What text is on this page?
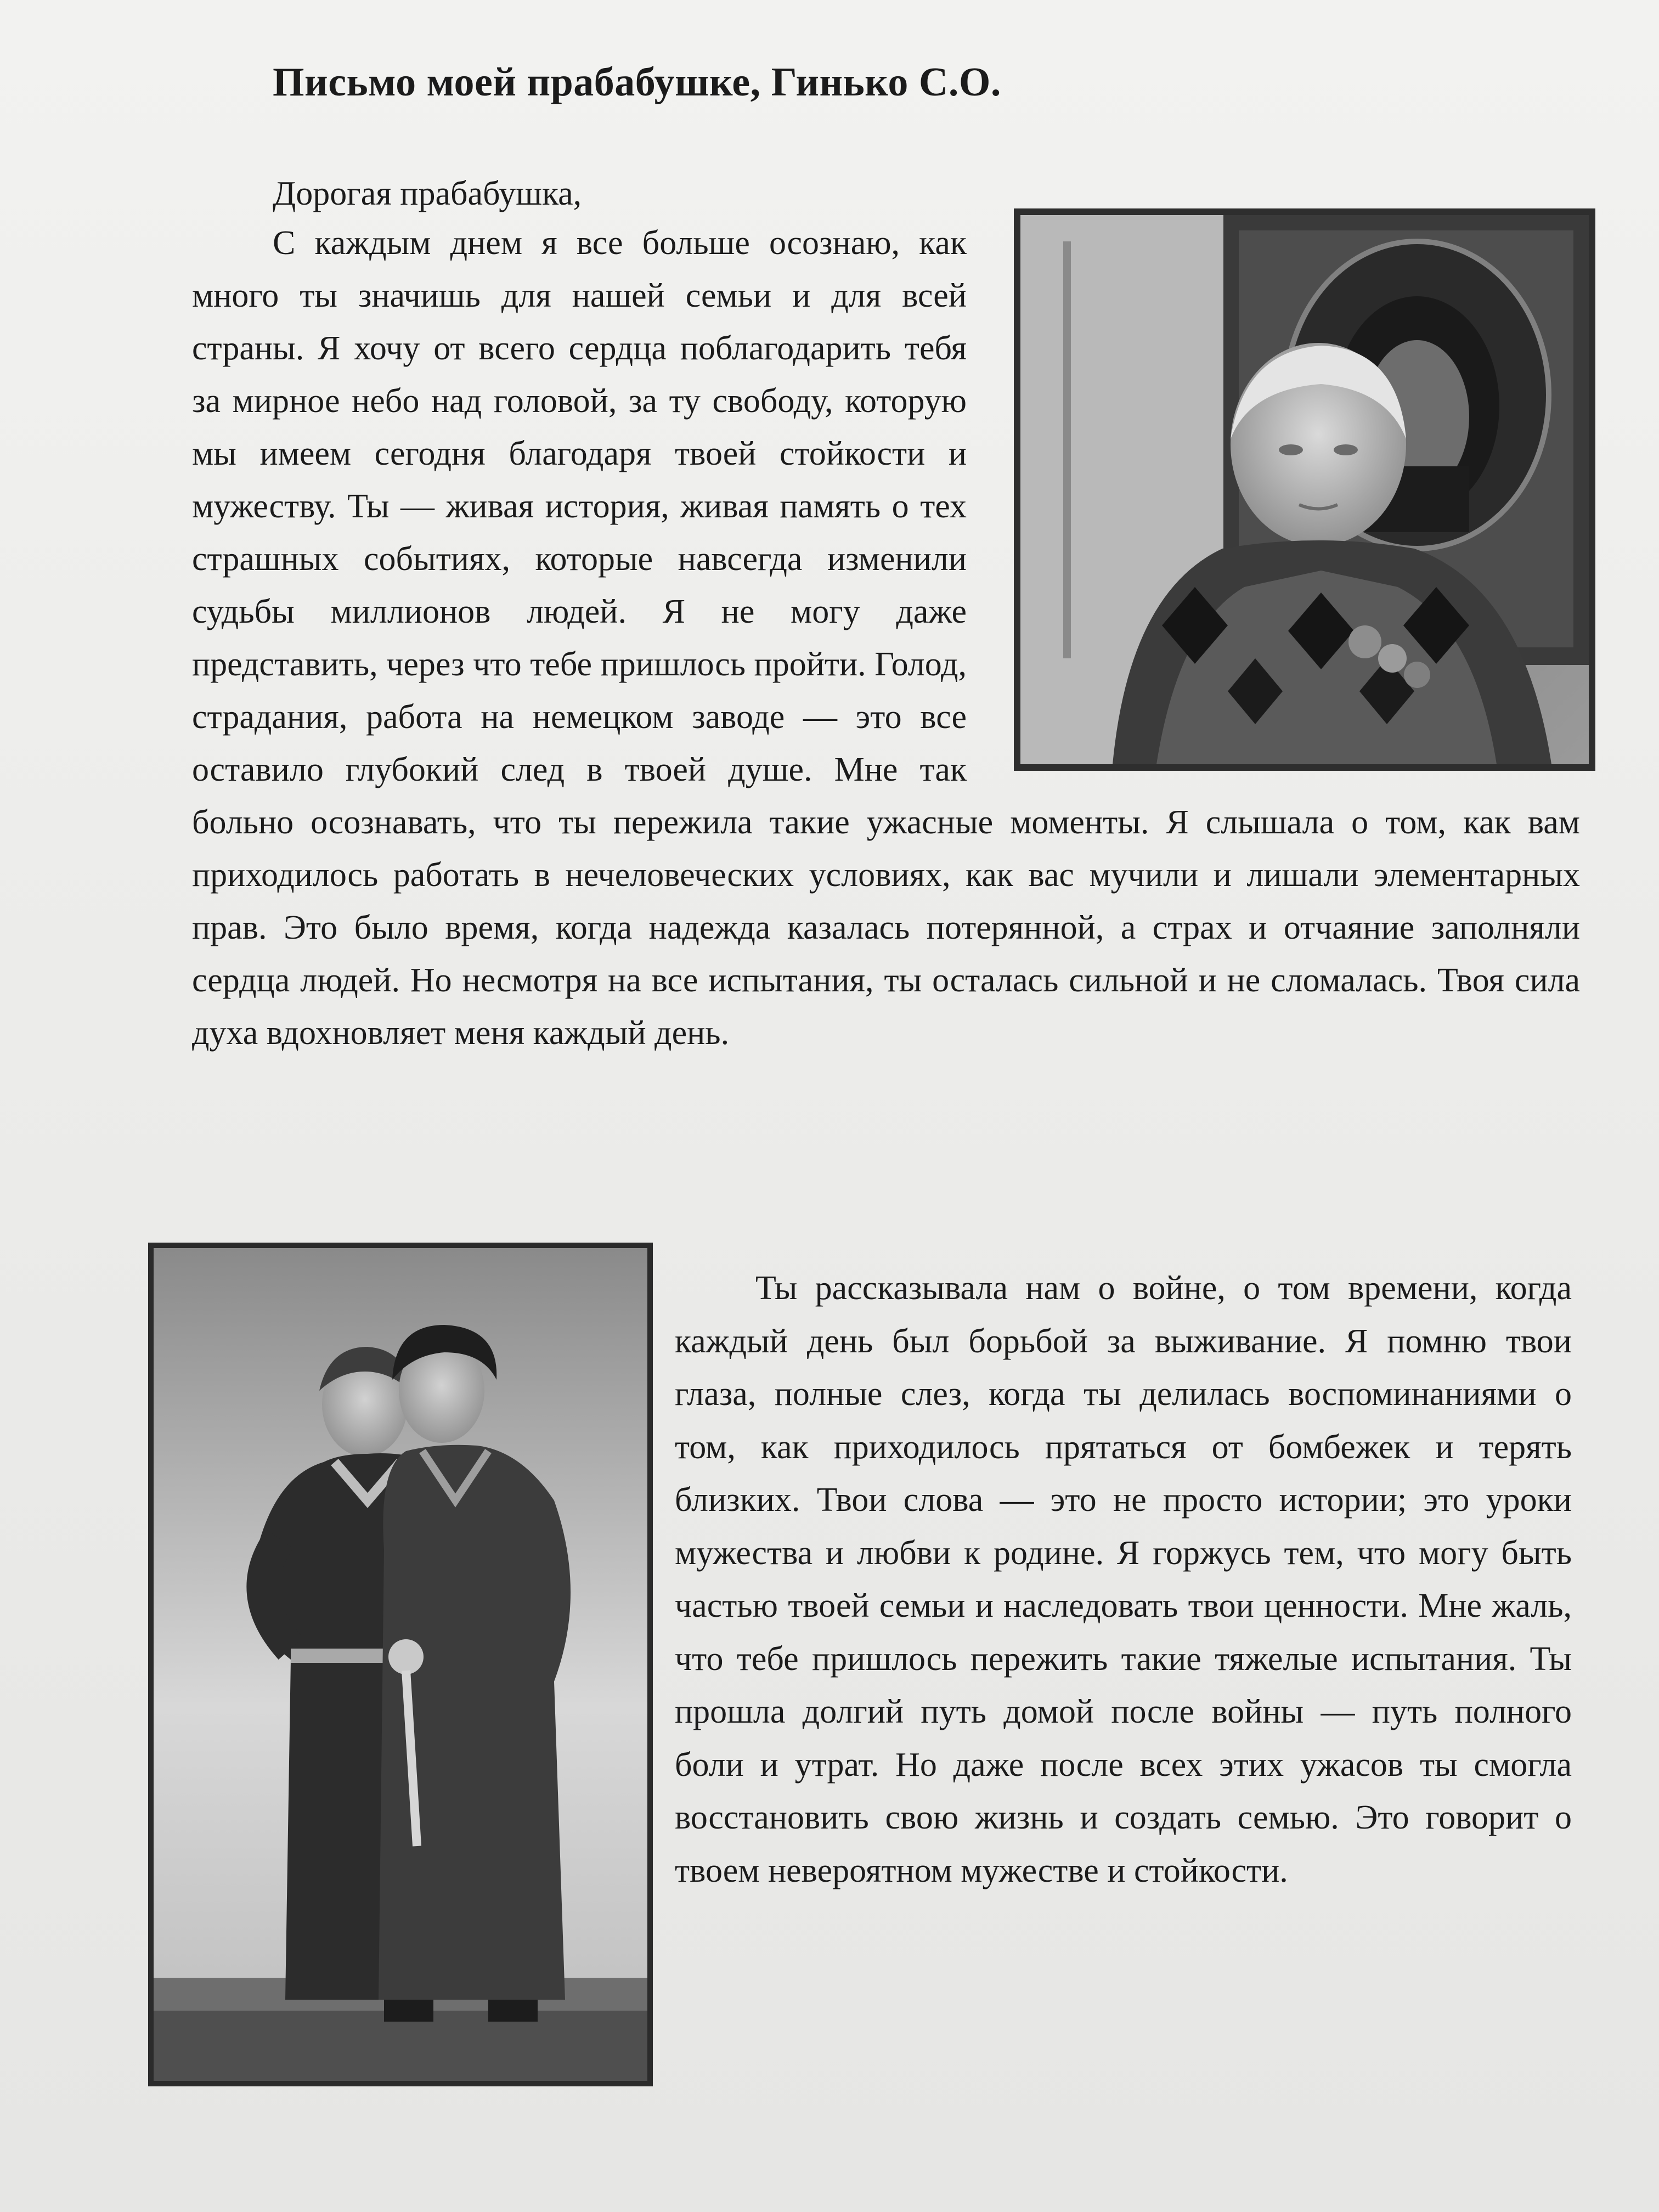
Письмо моей прабабушке, Гинько С.О.
Дорогая прабабушка,

С каждым днем я все больше осознаю, как много ты значишь для нашей семьи и для всей страны. Я хочу от всего сердца поблагодарить тебя за мирное небо над головой, за ту свободу, которую мы имеем сегодня благодаря твоей стойкости и мужеству. Ты — живая история, живая память о тех страшных событиях, которые навсегда изменили судьбы миллионов людей. Я не могу даже представить, через что тебе пришлось пройти. Голод, страдания, работа на немецком заводе — это все оставило глубокий след в твоей душе. Мне так больно осознавать, что ты пережила такие ужасные моменты. Я слышала о том, как вам приходилось работать в нечеловеческих условиях, как вас мучили и лишали элементарных прав. Это было время, когда надежда казалась потерянной, а страх и отчаяние заполняли сердца людей. Но несмотря на все испытания, ты осталась сильной и не сломалась. Твоя сила духа вдохновляет меня каждый день.

Ты рассказывала нам о войне, о том времени, когда каждый день был борьбой за выживание. Я помню твои глаза, полные слез, когда ты делилась воспоминаниями о том, как приходилось прятаться от бомбежек и терять близких. Твои слова — это не просто истории; это уроки мужества и любви к родине. Я горжусь тем, что могу быть частью твоей семьи и наследовать твои ценности. Мне жаль, что тебе пришлось пережить такие тяжелые испытания. Ты прошла долгий путь домой после войны — путь полного боли и утрат. Но даже после всех этих ужасов ты смогла восстановить свою жизнь и создать семью. Это говорит о твоем невероятном мужестве и стойкости.
